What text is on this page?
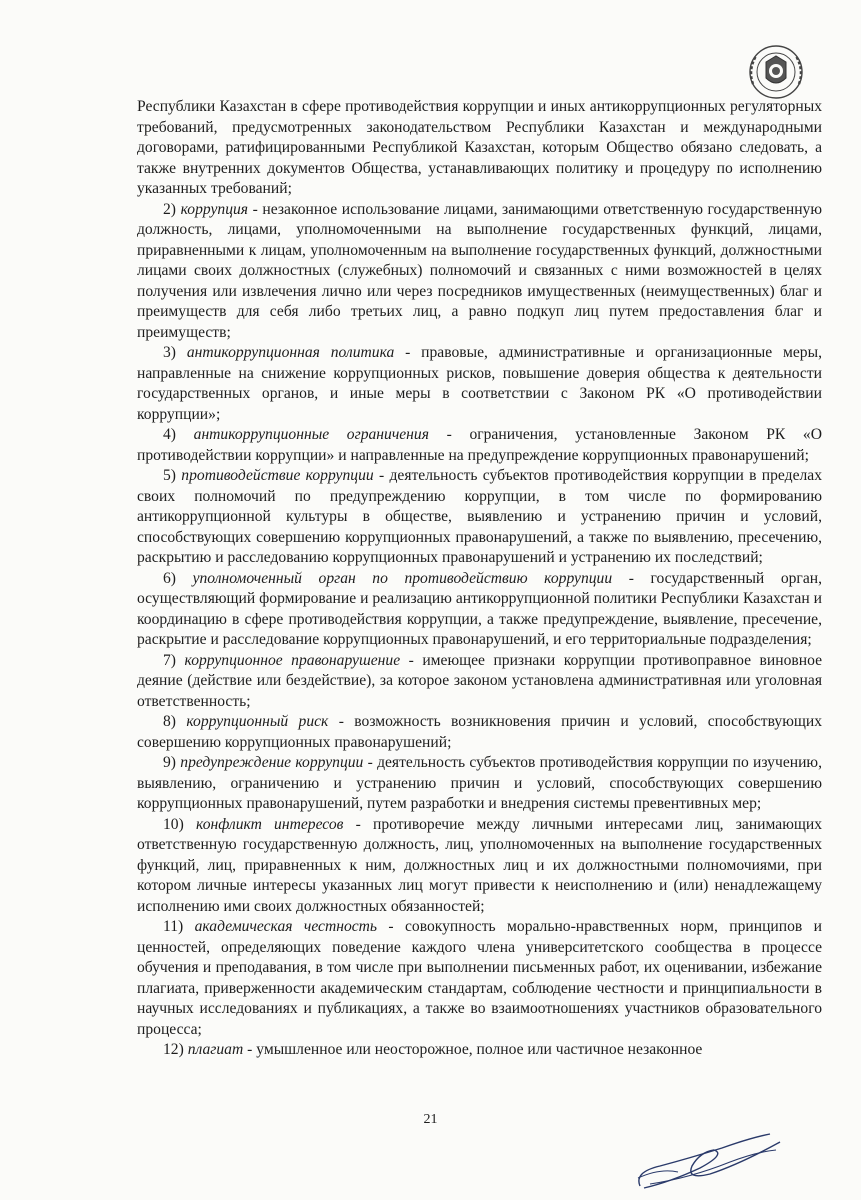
Республики Казахстан в сфере противодействия коррупции и иных антикоррупционных регуляторных требований, предусмотренных законодательством Республики Казахстан и международными договорами, ратифицированными Республикой Казахстан, которым Общество обязано следовать, а также внутренних документов Общества, устанавливающих политику и процедуру по исполнению указанных требований;

2) коррупция - незаконное использование лицами, занимающими ответственную государственную должность, лицами, уполномоченными на выполнение государственных функций, лицами, приравненными к лицам, уполномоченным на выполнение государственных функций, должностными лицами своих должностных (служебных) полномочий и связанных с ними возможностей в целях получения или извлечения лично или через посредников имущественных (неимущественных) благ и преимуществ для себя либо третьих лиц, а равно подкуп лиц путем предоставления благ и преимуществ;

3) антикоррупционная политика - правовые, административные и организационные меры, направленные на снижение коррупционных рисков, повышение доверия общества к деятельности государственных органов, и иные меры в соответствии с Законом РК «О противодействии коррупции»;

4) антикоррупционные ограничения - ограничения, установленные Законом РК «О противодействии коррупции» и направленные на предупреждение коррупционных правонарушений;

5) противодействие коррупции - деятельность субъектов противодействия коррупции в пределах своих полномочий по предупреждению коррупции, в том числе по формированию антикоррупционной культуры в обществе, выявлению и устранению причин и условий, способствующих совершению коррупционных правонарушений, а также по выявлению, пресечению, раскрытию и расследованию коррупционных правонарушений и устранению их последствий;

6) уполномоченный орган по противодействию коррупции - государственный орган, осуществляющий формирование и реализацию антикоррупционной политики Республики Казахстан и координацию в сфере противодействия коррупции, а также предупреждение, выявление, пресечение, раскрытие и расследование коррупционных правонарушений, и его территориальные подразделения;

7) коррупционное правонарушение - имеющее признаки коррупции противоправное виновное деяние (действие или бездействие), за которое законом установлена административная или уголовная ответственность;

8) коррупционный риск - возможность возникновения причин и условий, способствующих совершению коррупционных правонарушений;

9) предупреждение коррупции - деятельность субъектов противодействия коррупции по изучению, выявлению, ограничению и устранению причин и условий, способствующих совершению коррупционных правонарушений, путем разработки и внедрения системы превентивных мер;

10) конфликт интересов - противоречие между личными интересами лиц, занимающих ответственную государственную должность, лиц, уполномоченных на выполнение государственных функций, лиц, приравненных к ним, должностных лиц и их должностными полномочиями, при котором личные интересы указанных лиц могут привести к неисполнению и (или) ненадлежащему исполнению ими своих должностных обязанностей;

11) академическая честность - совокупность морально-нравственных норм, принципов и ценностей, определяющих поведение каждого члена университетского сообщества в процессе обучения и преподавания, в том числе при выполнении письменных работ, их оценивании, избежание плагиата, приверженности академическим стандартам, соблюдение честности и принципиальности в научных исследованиях и публикациях, а также во взаимоотношениях участников образовательного процесса;

12) плагиат - умышленное или неосторожное, полное или частичное незаконное

21
